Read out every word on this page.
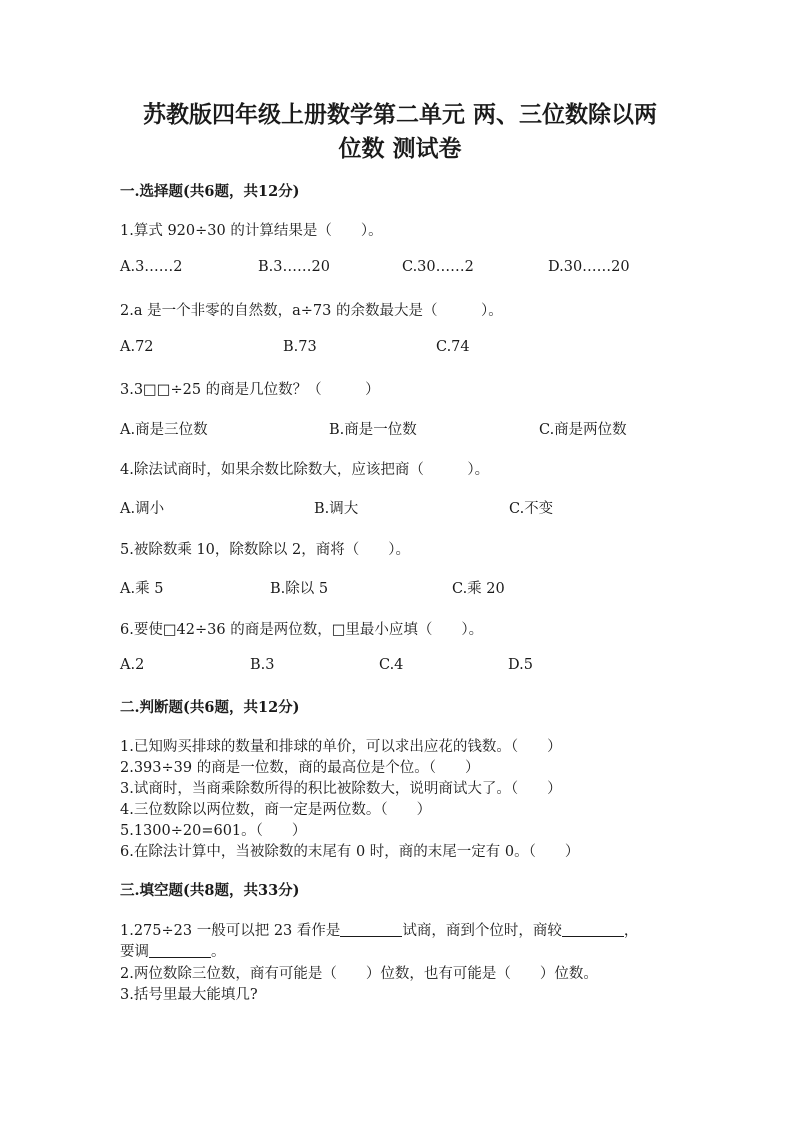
苏教版四年级上册数学第二单元 两、三位数除以两
位数 测试卷
一.选择题(共6题，共12分)
1.算式 920÷30 的计算结果是（　　）。
A.3……2	B.3……20	C.30……2	D.30……20
2.a 是一个非零的自然数，a÷73 的余数最大是（　　　）。
A.72	B.73	C.74
3.3□□÷25 的商是几位数？（　　　）
A.商是三位数	B.商是一位数	C.商是两位数
4.除法试商时，如果余数比除数大，应该把商（　　　）。
A.调小	B.调大	C.不变
5.被除数乘 10，除数除以 2，商将（　　）。
A.乘 5	B.除以 5	C.乘 20
6.要使□42÷36 的商是两位数，□里最小应填（　　）。
A.2	B.3	C.4	D.5
二.判断题(共6题，共12分)
1.已知购买排球的数量和排球的单价，可以求出应花的钱数。（　　）
2.393÷39 的商是一位数，商的最高位是个位。（　　）
3.试商时，当商乘除数所得的积比被除数大，说明商试大了。（　　）
4.三位数除以两位数，商一定是两位数。（　　）
5.1300÷20=601。（　　）
6.在除法计算中，当被除数的末尾有 0 时，商的末尾一定有 0。（　　）
三.填空题(共8题，共33分)
1.275÷23 一般可以把 23 看作是	试商，商到个位时，商较	，
要调	。
2.两位数除三位数，商有可能是（　　）位数，也有可能是（　　）位数。
3.括号里最大能填几?
